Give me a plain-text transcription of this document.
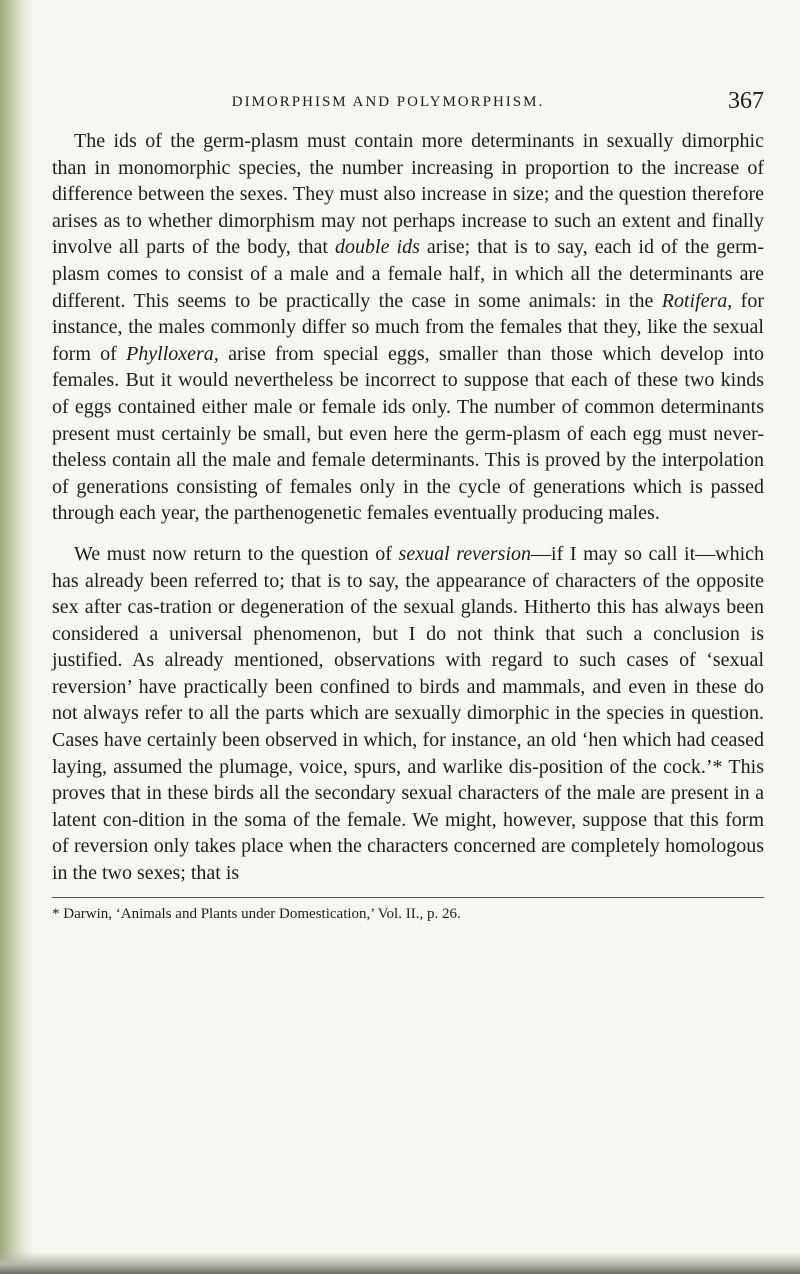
DIMORPHISM AND POLYMORPHISM.	367

The ids of the germ-plasm must contain more determinants in sexually dimorphic than in monomorphic species, the number increasing in proportion to the increase of difference between the sexes. They must also increase in size; and the question therefore arises as to whether dimorphism may not perhaps increase to such an extent and finally involve all parts of the body, that double ids arise; that is to say, each id of the germ-plasm comes to consist of a male and a female half, in which all the determinants are different. This seems to be practically the case in some animals: in the Rotifera, for instance, the males commonly differ so much from the females that they, like the sexual form of Phylloxera, arise from special eggs, smaller than those which develop into females. But it would nevertheless be incorrect to suppose that each of these two kinds of eggs contained either male or female ids only. The number of common determinants present must certainly be small, but even here the germ-plasm of each egg must never-theless contain all the male and female determinants. This is proved by the interpolation of generations consisting of females only in the cycle of generations which is passed through each year, the parthenogenetic females eventually producing males.

We must now return to the question of sexual reversion—if I may so call it—which has already been referred to; that is to say, the appearance of characters of the opposite sex after cas-tration or degeneration of the sexual glands. Hitherto this has always been considered a universal phenomenon, but I do not think that such a conclusion is justified. As already mentioned, observations with regard to such cases of ‘sexual reversion’ have practically been confined to birds and mammals, and even in these do not always refer to all the parts which are sexually dimorphic in the species in question. Cases have certainly been observed in which, for instance, an old ‘hen which had ceased laying, assumed the plumage, voice, spurs, and warlike dis-position of the cock.’* This proves that in these birds all the secondary sexual characters of the male are present in a latent con-dition in the soma of the female. We might, however, suppose that this form of reversion only takes place when the characters concerned are completely homologous in the two sexes; that is

* Darwin, ‘Animals and Plants under Domestication,’ Vol. II., p. 26.
